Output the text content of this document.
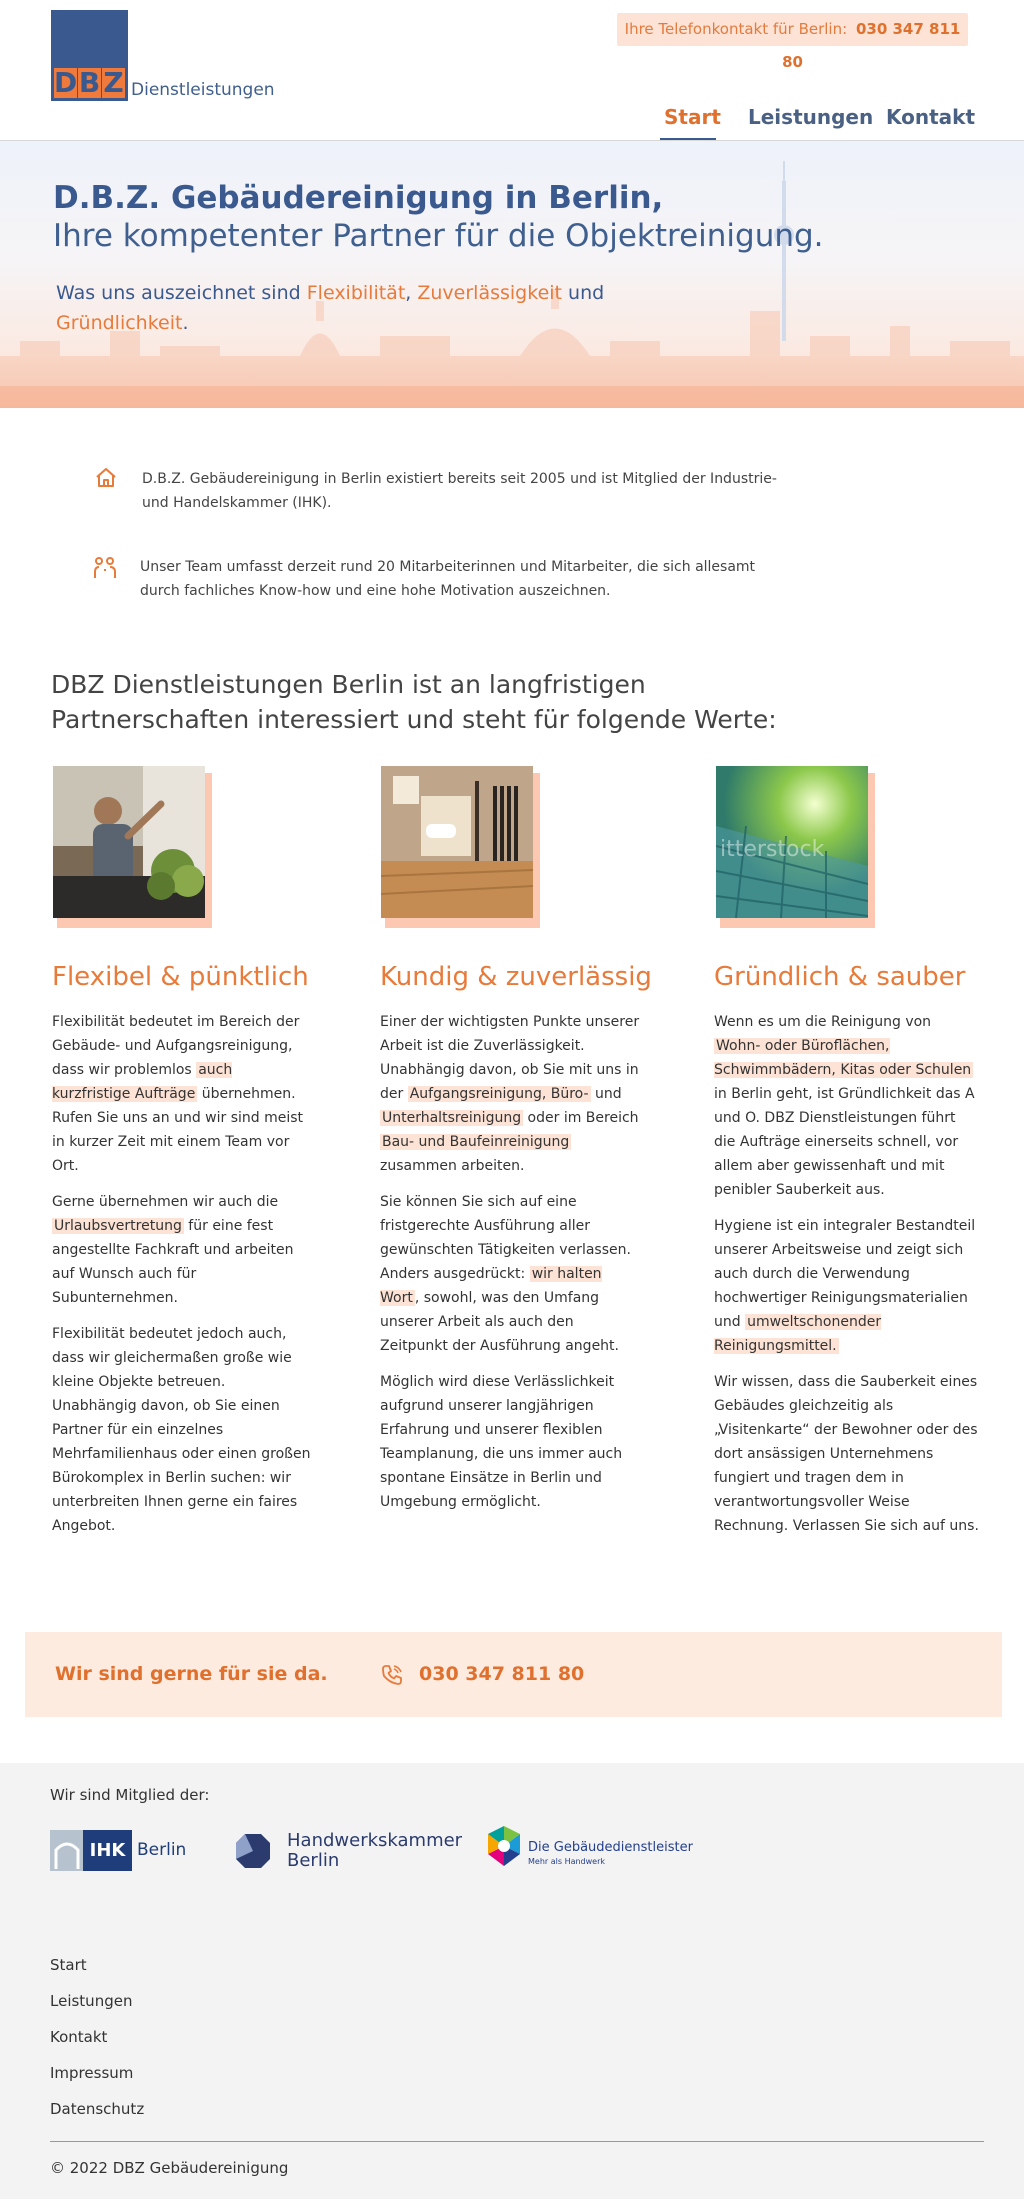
D B Z Dienstleistungen
Ihre Telefonkontakt für Berlin: 030 347 811 80
Start Leistungen Kontakt
D.B.Z. Gebäudereinigung in Berlin,
Ihre kompetenter Partner für die Objektreinigung.
Was uns auszeichnet sind Flexibilität, Zuverlässigkeit und Gründlichkeit.
D.B.Z. Gebäudereinigung in Berlin existiert bereits seit 2005 und ist Mitglied der Industrie- und Handelskammer (IHK).
Unser Team umfasst derzeit rund 20 Mitarbeiterinnen und Mitarbeiter, die sich allesamt durch fachliches Know-how und eine hohe Motivation auszeichnen.
DBZ Dienstleistungen Berlin ist an langfristigen Partnerschaften interessiert und steht für folgende Werte:
Flexibel & pünktlich

Flexibilität bedeutet im Bereich der Gebäude- und Aufgangsreinigung, dass wir problemlos auch kurzfristige Aufträge übernehmen. Rufen Sie uns an und wir sind meist in kurzer Zeit mit einem Team vor Ort.

Gerne übernehmen wir auch die Urlaubsvertretung für eine fest angestellte Fachkraft und arbeiten auf Wunsch auch für Subunternehmen.

Flexibilität bedeutet jedoch auch, dass wir gleichermaßen große wie kleine Objekte betreuen. Unabhängig davon, ob Sie einen Partner für ein einzelnes Mehrfamilienhaus oder einen großen Bürokomplex in Berlin suchen: wir unterbreiten Ihnen gerne ein faires Angebot.

Kundig & zuverlässig

Einer der wichtigsten Punkte unserer Arbeit ist die Zuverlässigkeit. Unabhängig davon, ob Sie mit uns in der Aufgangsreinigung, Büro- und Unterhaltsreinigung oder im Bereich Bau- und Baufeinreinigung zusammen arbeiten.

Sie können Sie sich auf eine fristgerechte Ausführung aller gewünschten Tätigkeiten verlassen. Anders ausgedrückt: wir halten Wort , sowohl, was den Umfang unserer Arbeit als auch den Zeitpunkt der Ausführung angeht.

Möglich wird diese Verlässlichkeit aufgrund unserer langjährigen Erfahrung und unserer flexiblen Teamplanung, die uns immer auch spontane Einsätze in Berlin und Umgebung ermöglicht.

itterstock
Gründlich & sauber

Wenn es um die Reinigung von Wohn- oder Büroflächen, Schwimmbädern, Kitas oder Schulen in Berlin geht, ist Gründlichkeit das A und O. DBZ Dienstleistungen führt die Aufträge einerseits schnell, vor allem aber gewissenhaft und mit penibler Sauberkeit aus.

Hygiene ist ein integraler Bestandteil unserer Arbeitsweise und zeigt sich auch durch die Verwendung hochwertiger Reinigungsmaterialien und umweltschonender Reinigungsmittel.

Wir wissen, dass die Sauberkeit eines Gebäudes gleichzeitig als „Visitenkarte“ der Bewohner oder des dort ansässigen Unternehmens fungiert und tragen dem in verantwortungsvoller Weise Rechnung. Verlassen Sie sich auf uns.

Wir sind gerne für sie da.	030 347 811 80
Wir sind Mitglied der:
IHK Berlin	Handwerkskammer
Berlin
Die Gebäudedienstleister
Mehr als Handwerk
Start
Leistungen
Kontakt
Impressum
Datenschutz
© 2022 DBZ Gebäudereinigung
